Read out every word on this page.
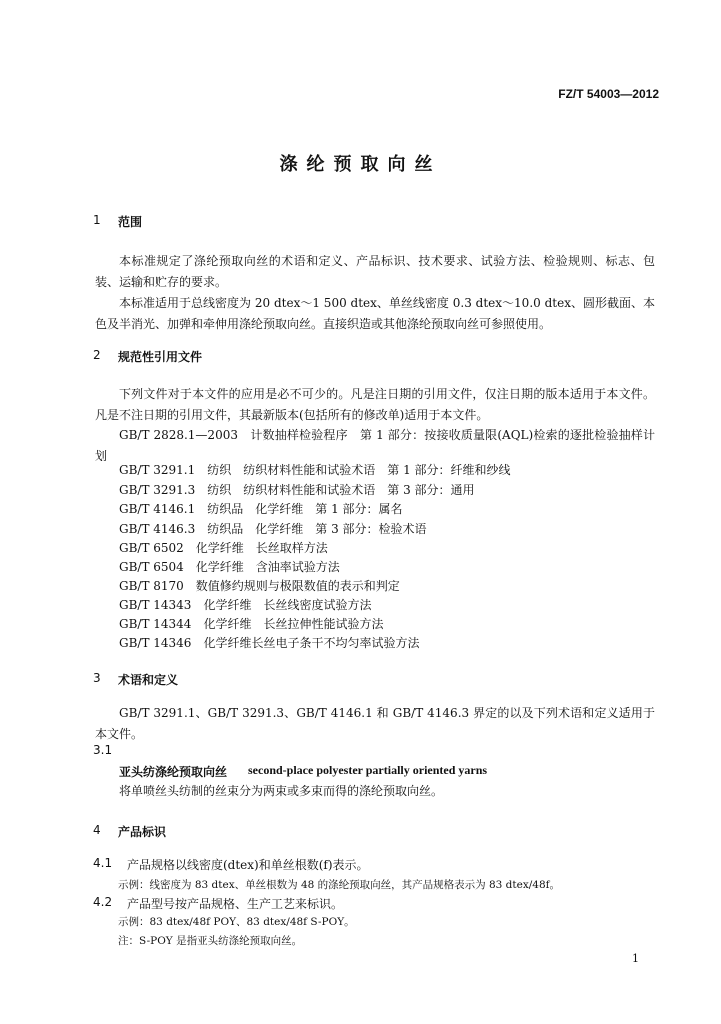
FZ/T 54003—2012
涤纶预取向丝
1 范围
本标准规定了涤纶预取向丝的术语和定义、产品标识、技术要求、试验方法、检验规则、标志、包装、运输和贮存的要求。
本标准适用于总线密度为 20 dtex～1 500 dtex、单丝线密度 0.3 dtex～10.0 dtex、圆形截面、本色及半消光、加弹和牵伸用涤纶预取向丝。直接织造或其他涤纶预取向丝可参照使用。
2 规范性引用文件
下列文件对于本文件的应用是必不可少的。凡是注日期的引用文件，仅注日期的版本适用于本文件。凡是不注日期的引用文件，其最新版本(包括所有的修改单)适用于本文件。
GB/T 2828.1—2003　计数抽样检验程序　第 1 部分：按接收质量限(AQL)检索的逐批检验抽样计划
GB/T 3291.1　纺织　纺织材料性能和试验术语　第 1 部分：纤维和纱线
GB/T 3291.3　纺织　纺织材料性能和试验术语　第 3 部分：通用
GB/T 4146.1　纺织品　化学纤维　第 1 部分：属名
GB/T 4146.3　纺织品　化学纤维　第 3 部分：检验术语
GB/T 6502　化学纤维　长丝取样方法
GB/T 6504　化学纤维　含油率试验方法
GB/T 8170　数值修约规则与极限数值的表示和判定
GB/T 14343　化学纤维　长丝线密度试验方法
GB/T 14344　化学纤维　长丝拉伸性能试验方法
GB/T 14346　化学纤维长丝电子条干不均匀率试验方法
3 术语和定义
GB/T 3291.1、GB/T 3291.3、GB/T 4146.1 和 GB/T 4146.3 界定的以及下列术语和定义适用于本文件。
3.1
亚头纺涤纶预取向丝 second-place polyester partially oriented yarns
将单喷丝头纺制的丝束分为两束或多束而得的涤纶预取向丝。
4 产品标识
4.1 产品规格以线密度(dtex)和单丝根数(f)表示。
示例：线密度为 83 dtex、单丝根数为 48 的涤纶预取向丝，其产品规格表示为 83 dtex/48f。
4.2 产品型号按产品规格、生产工艺来标识。
示例：83 dtex/48f POY、83 dtex/48f S-POY。
注：S-POY 是指亚头纺涤纶预取向丝。
1
